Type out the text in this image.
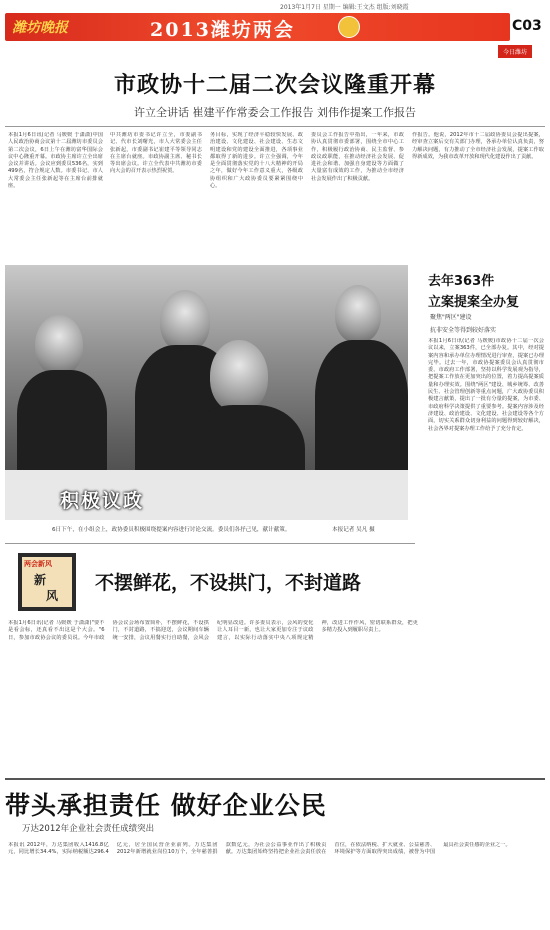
2013年1月7日 星期一 编辑:王文杰 组版:刘晓霞
潍坊晚报	2013潍坊两会	C03
今日潍坊
市政协十二届二次会议隆重开幕
许立全讲话 崔建平作常委会工作报告 刘伟作提案工作报告
本报1月6日讯(记者 马媛媛 于潇潇)中国人民政治协商会议第十二届潍坊市委员会第二次会议，6日上午在潍坊富华国际会议中心隆重开幕。市政协主席许立全出席会议并讲话。会议应到委员536名，实到499名，符合规定人数。市委书记、市人大常委会主任张新起等在主席台前排就座。
中共潍坊市委书记许立全，市委副书记、代市长刘曙光，市人大常委会主任张新起，市委副书记崔建平等领导同志在主席台就座。市政协副主席、秘书长等出席会议。许立全代表中共潍坊市委向大会的召开表示热烈祝贺。
务目标，实现了经济平稳较快发展、政治建设、文化建设、社会建设、生态文明建设和党的建设全面推进，各项事业都取得了新的进步。许立全强调，今年是全面贯彻落实党的十八大精神的开局之年，做好今年工作意义重大，各级政协组织和广大政协委员要紧紧围绕中心。
委员会工作报告中指出，一年来，市政协认真贯彻市委部署，围绕全市中心工作，积极履行政治协商、民主监督、参政议政职能，在推动经济社会发展、促进社会和谐、加强自身建设等方面做了大量富有成效的工作，为推动全市经济社会发展作出了积极贡献。
作报告。他说，2012年市十二届政协委员会提出提案，经审查立案后交有关部门办理，各承办单位认真负责，努力解决问题，有力推动了全市经济社会发展，提案工作取得新成效，为我市改革开放和现代化建设作出了贡献。
积极议政
6日下午，在小组会上，政协委员积极围绕提案内容进行讨论交流。委员们各抒己见，献计献策。	本报记者 吴凡 摄
去年363件
立案提案全办复
聚焦"两区"建设
抗非安全等得到较好落实
本报1月6日讯(记者 马媛媛)市政协十二届一次会议以来，立案363件，已全部办复。其中，经对提案内容和承办单位办理情况进行审查，提案已办理完毕。过去一年，市政协提案委员会认真贯彻市委、市政府工作部署，坚持以科学发展观为指导，把提案工作放在更加突出的位置，着力提高提案质量和办理实效。围绕"两区"建设、城乡统筹、改善民生、社会管理创新等重点问题，广大政协委员积极建言献策，提出了一批有分量的提案，为市委、市政府科学决策提供了重要参考。提案内容涉及经济建设、政治建设、文化建设、社会建设等各个方面，切实关系群众切身利益的问题得到较好解决，社会各界对提案办理工作给予了充分肯定。
两会新风
新
风
不摆鲜花，不设拱门，不封道路
本报1月6日讯(记者 马媛媛 于潇潇)"要不是看会标，还真看不出这是个大会。"6日，参加市政协会议的委员说。今年市政协会议会场布置简朴，不摆鲜花，不设拱门，不封道路，不搞迎送，会议期间车辆统一安排，会议用餐实行自助餐，会风会纪明显改进。许多委员表示，会风的变化让人耳目一新，也让大家更加专注于议政建言，以实际行动落实中央八项规定精神，改进工作作风，密切联系群众，把更多精力投入到履职尽责上。
带头承担责任 做好企业公民
万达2012年企业社会责任成绩突出
本报讯 2012年，万达集团收入1416.8亿元，同比增长34.4%，实际纳税额达296.4亿元，居全国民营企业前列。万达集团2012年新增就业岗位10万个，全年慈善捐款数亿元，为社会公益事业作出了积极贡献。万达集团始终坚持把企业社会责任放在首位，在依法纳税、扩大就业、公益慈善、环境保护等方面取得突出成绩，被誉为中国最具社会责任感的企业之一。
